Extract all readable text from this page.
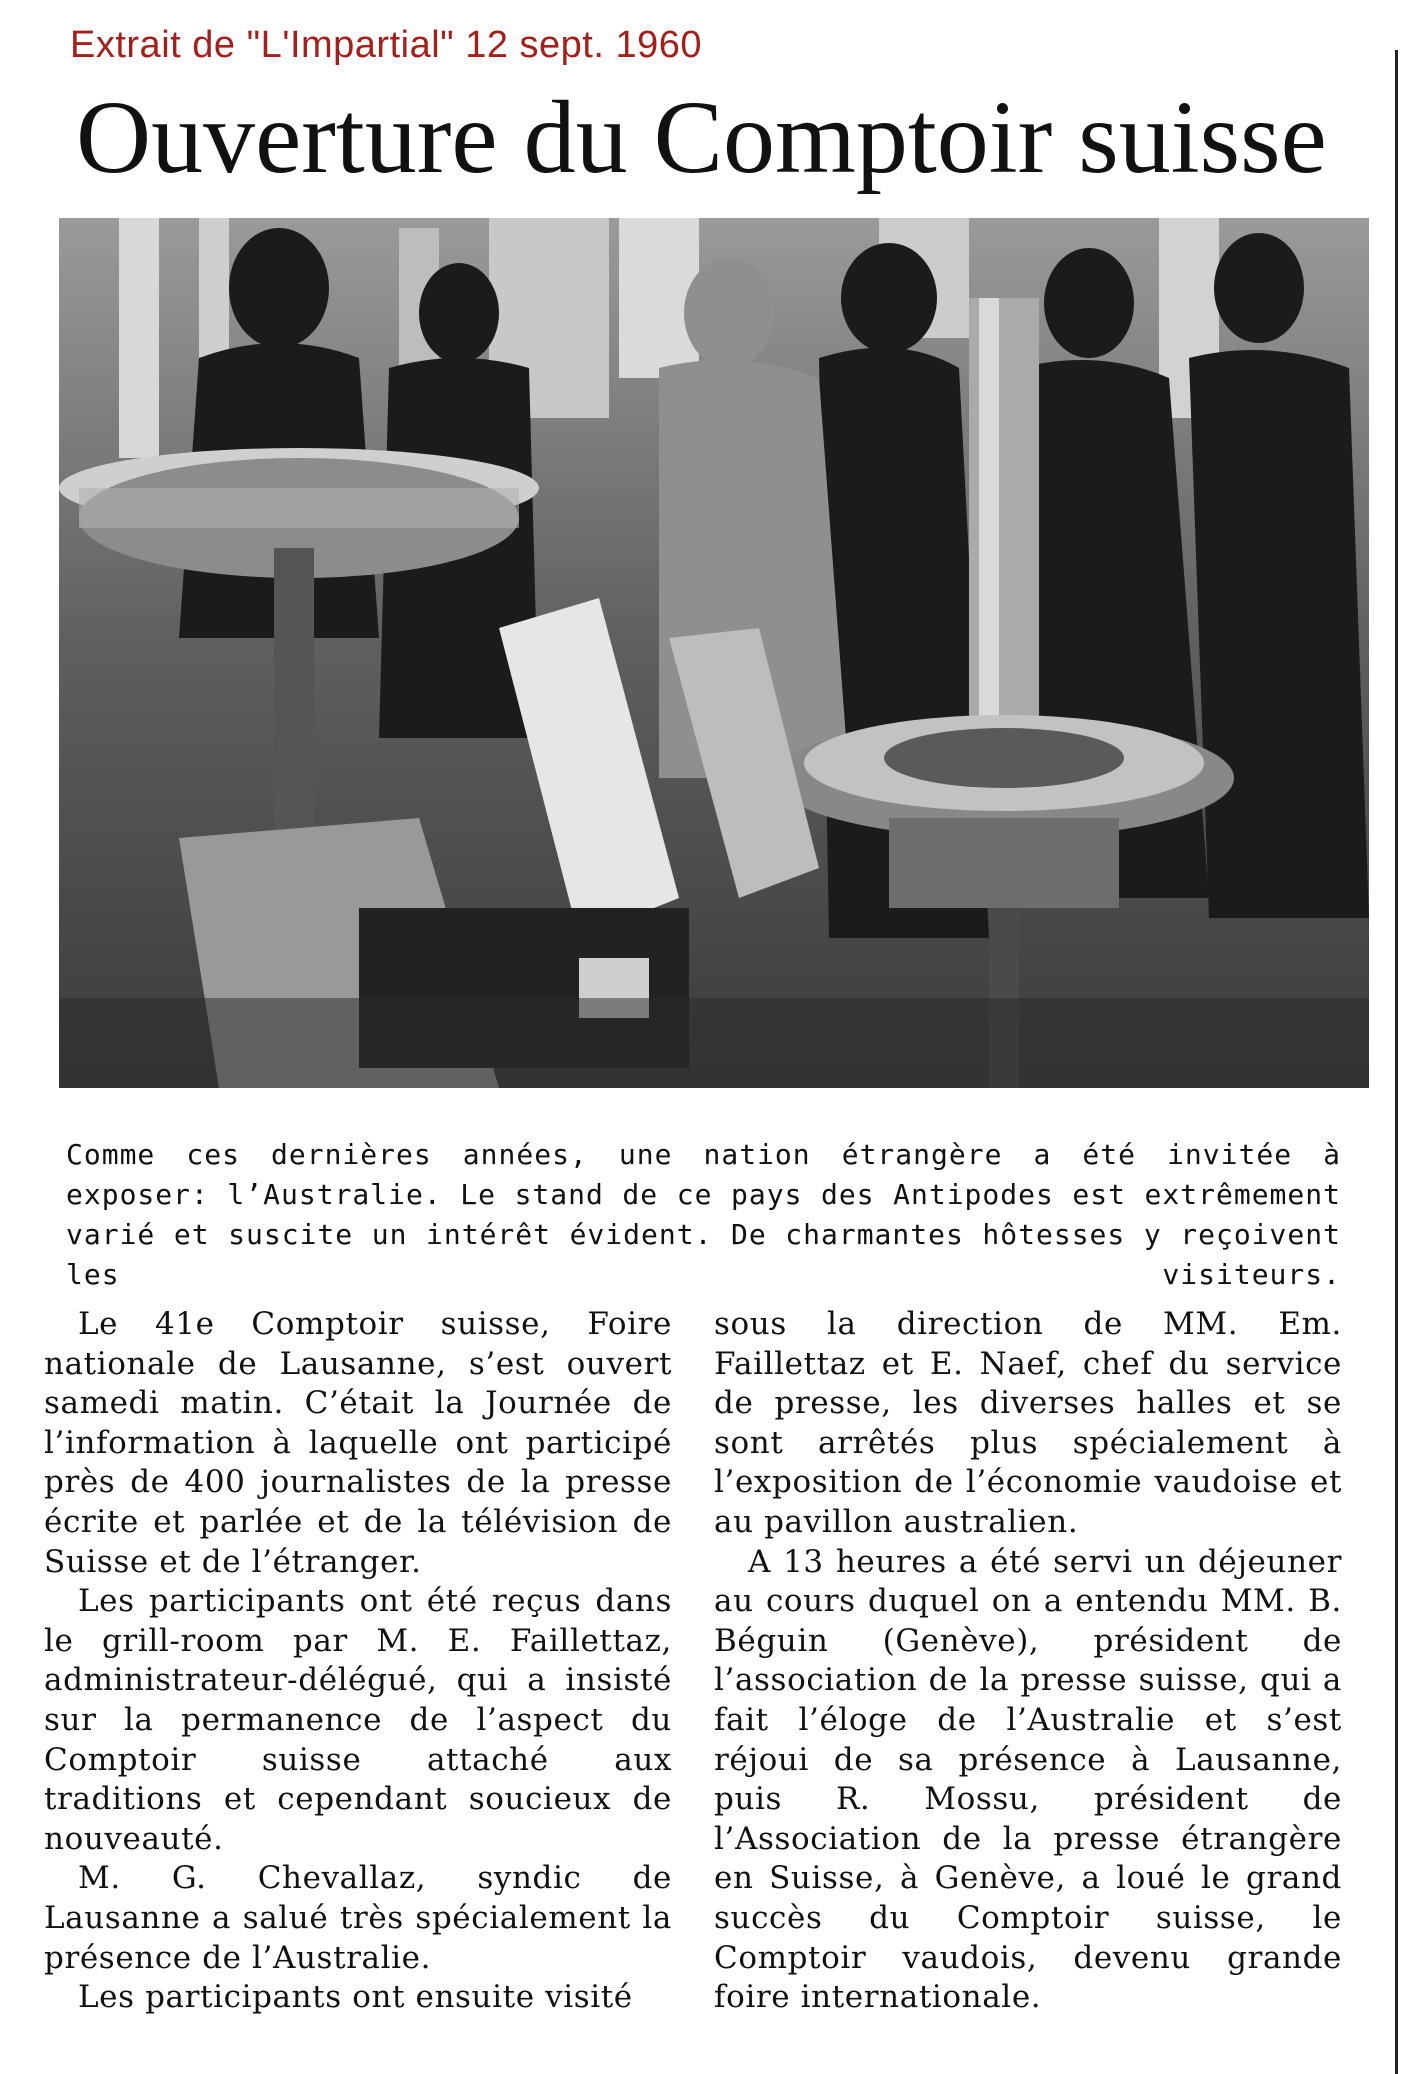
Extrait de "L'Impartial" 12 sept. 1960
Ouverture du Comptoir suisse

Comme ces dernières années, une nation étrangère a été invitée à exposer: l’Australie. Le stand de ce pays des Antipodes est extrêmement varié et suscite un intérêt évident. De charmantes hôtesses y reçoivent les visiteurs.

Le 41e Comptoir suisse, Foire nationale de Lausanne, s’est ouvert samedi matin. C’était la Journée de l’information à laquelle ont participé près de 400 journalistes de la presse écrite et parlée et de la télévision de Suisse et de l’étranger.

Les participants ont été reçus dans le grill-room par M. E. Faillettaz, administrateur-délégué, qui a insisté sur la permanence de l’aspect du Comptoir suisse attaché aux traditions et cependant soucieux de nouveauté.

M. G. Chevallaz, syndic de Lausanne a salué très spécialement la présence de l’Australie.

Les participants ont ensuite visité

sous la direction de MM. Em. Faillettaz et E. Naef, chef du service de presse, les diverses halles et se sont arrêtés plus spécialement à l’exposition de l’économie vaudoise et au pavillon australien.

A 13 heures a été servi un déjeuner au cours duquel on a entendu MM. B. Béguin (Genève), président de l’association de la presse suisse, qui a fait l’éloge de l’Australie et s’est réjoui de sa présence à Lausanne, puis R. Mossu, président de l’Association de la presse étrangère en Suisse, à Genève, a loué le grand succès du Comptoir suisse, le Comptoir vaudois, devenu grande foire internationale.
